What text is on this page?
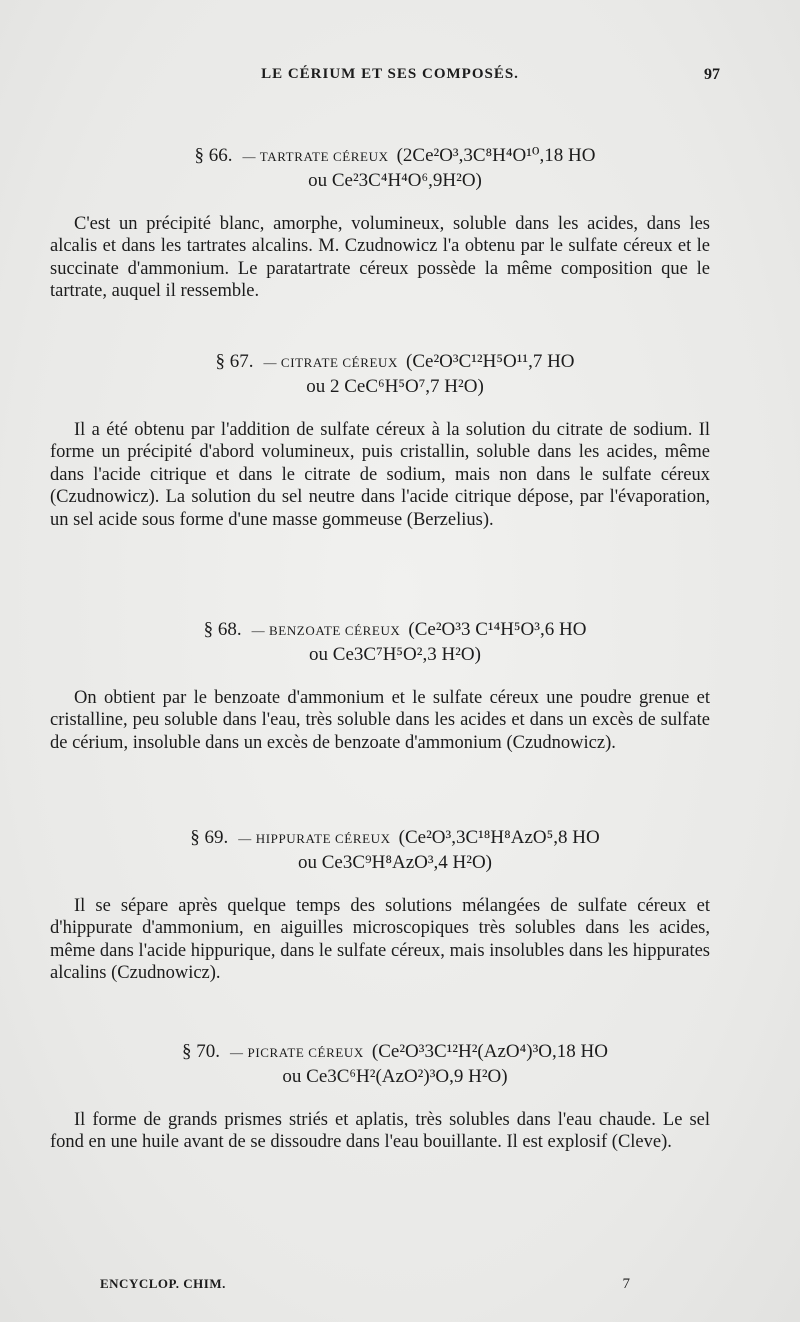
LE CÉRIUM ET SES COMPOSÉS.	97
§ 66. — TARTRATE CÉREUX (2Ce²O³,3C⁸H⁴O¹⁰,18 HO
ou Ce²3C⁴H⁴O⁶,9H²O)

C'est un précipité blanc, amorphe, volumineux, soluble dans les acides, dans les alcalis et dans les tartrates alcalins. M. Czudnowicz l'a obtenu par le sulfate céreux et le succinate d'ammonium. Le paratartrate céreux possède la même composition que le tartrate, auquel il ressemble.

§ 67. — CITRATE CÉREUX (Ce²O³C¹²H⁵O¹¹,7 HO
ou 2 CeC⁶H⁵O⁷,7 H²O)

Il a été obtenu par l'addition de sulfate céreux à la solution du citrate de sodium. Il forme un précipité d'abord volumineux, puis cristallin, soluble dans les acides, même dans l'acide citrique et dans le citrate de sodium, mais non dans le sulfate céreux (Czudnowicz). La solution du sel neutre dans l'acide citrique dépose, par l'évaporation, un sel acide sous forme d'une masse gommeuse (Berzelius).

§ 68. — BENZOATE CÉREUX (Ce²O³3 C¹⁴H⁵O³,6 HO
ou Ce3C⁷H⁵O²,3 H²O)

On obtient par le benzoate d'ammonium et le sulfate céreux une poudre grenue et cristalline, peu soluble dans l'eau, très soluble dans les acides et dans un excès de sulfate de cérium, insoluble dans un excès de benzoate d'ammonium (Czudnowicz).

§ 69. — HIPPURATE CÉREUX (Ce²O³,3C¹⁸H⁸AzO⁵,8 HO
ou Ce3C⁹H⁸AzO³,4 H²O)

Il se sépare après quelque temps des solutions mélangées de sulfate céreux et d'hippurate d'ammonium, en aiguilles microscopiques très solubles dans les acides, même dans l'acide hippurique, dans le sulfate céreux, mais insolubles dans les hippurates alcalins (Czudnowicz).

§ 70. — PICRATE CÉREUX (Ce²O³3C¹²H²(AzO⁴)³O,18 HO
ou Ce3C⁶H²(AzO²)³O,9 H²O)

Il forme de grands prismes striés et aplatis, très solubles dans l'eau chaude. Le sel fond en une huile avant de se dissoudre dans l'eau bouillante. Il est explosif (Cleve).

ENCYCLOP. CHIM.	7
